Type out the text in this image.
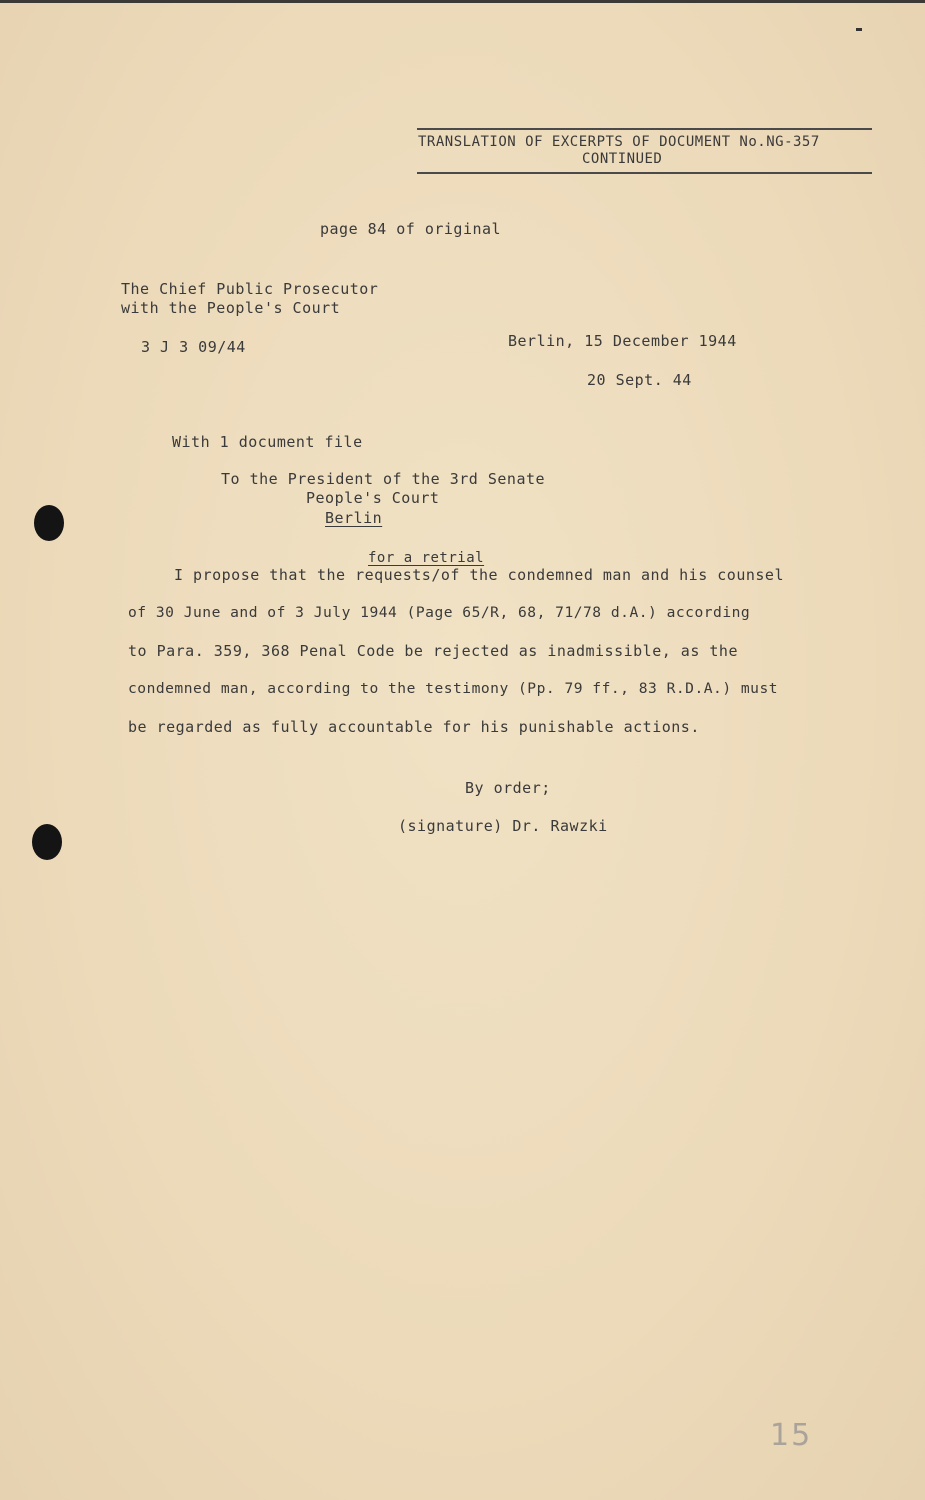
TRANSLATION OF EXCERPTS OF DOCUMENT No.NG-357
CONTINUED
page 84 of original
The Chief Public Prosecutor
with the People's Court
3 J 3 09/44	Berlin, 15 December 1944
20 Sept. 44
With 1 document file
To the President of the 3rd Senate
People's Court
Berlin
for a retrial
I propose that the requests/of the condemned man and his counsel
of 30 June and of 3 July 1944 (Page 65/R, 68, 71/78 d.A.) according
to Para. 359, 368 Penal Code be rejected as inadmissible, as the
condemned man, according to the testimony (Pp. 79 ff., 83 R.D.A.) must
be regarded as fully accountable for his punishable actions.
By order;
(signature) Dr. Rawzki
15
